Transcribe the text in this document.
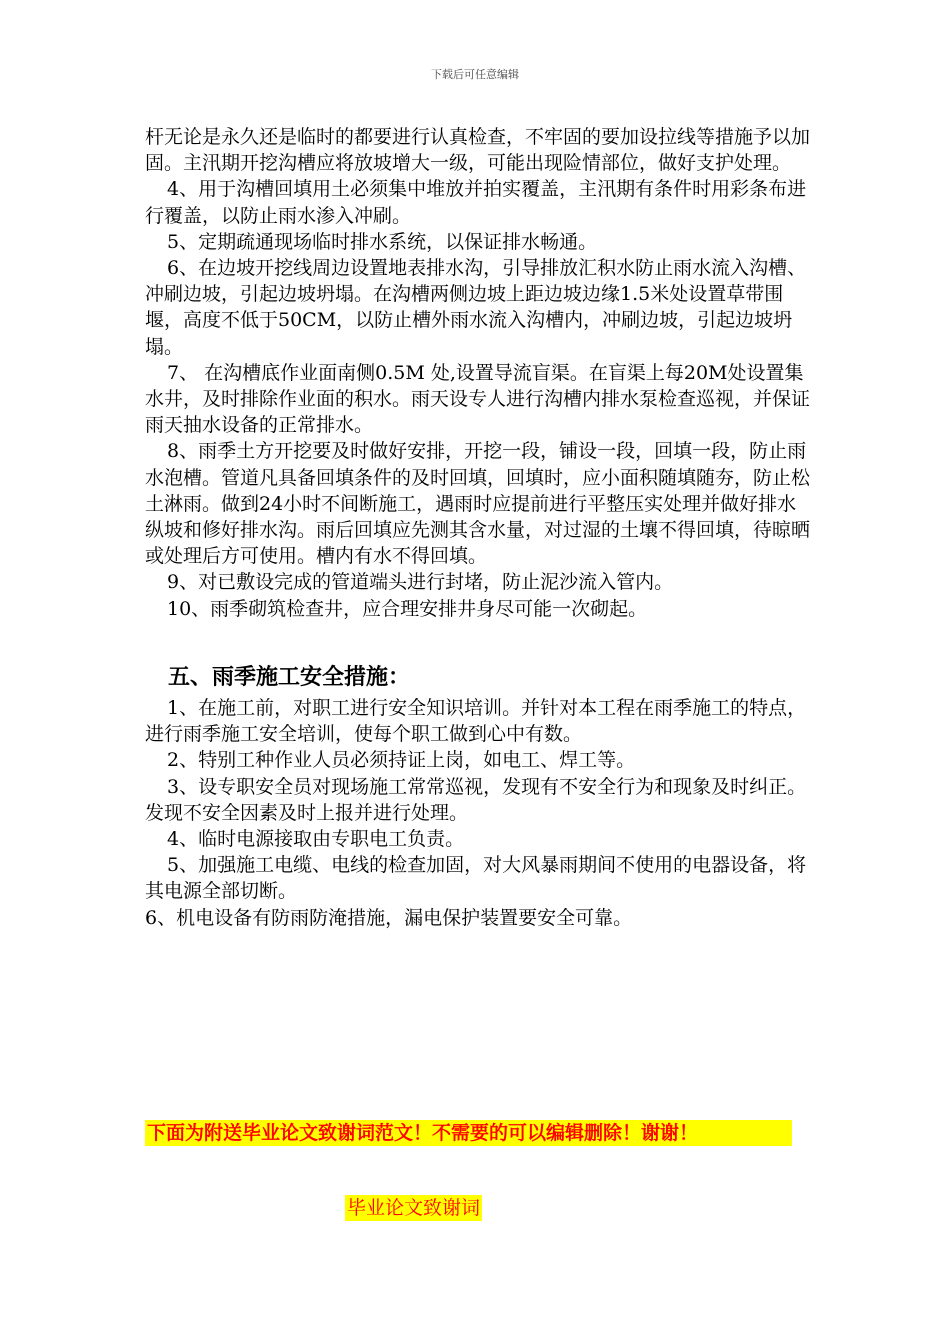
下载后可任意编辑

杆无论是永久还是临时的都要进行认真检查，不牢固的要加设拉线等措施予以加固。主汛期开挖沟槽应将放坡增大一级，可能出现险情部位，做好支护处理。

4、用于沟槽回填用土必须集中堆放并拍实覆盖，主汛期有条件时用彩条布进行覆盖，以防止雨水渗入冲刷。

5、定期疏通现场临时排水系统，以保证排水畅通。

6、在边坡开挖线周边设置地表排水沟，引导排放汇积水防止雨水流入沟槽、冲刷边坡，引起边坡坍塌。在沟槽两侧边坡上距边坡边缘1.5米处设置草带围堰，高度不低于50CM，以防止槽外雨水流入沟槽内，冲刷边坡，引起边坡坍塌。

7、 在沟槽底作业面南侧0.5M 处,设置导流盲渠。在盲渠上每20M处设置集水井，及时排除作业面的积水。雨天设专人进行沟槽内排水泵检查巡视，并保证雨天抽水设备的正常排水。

8、雨季土方开挖要及时做好安排，开挖一段，铺设一段，回填一段，防止雨水泡槽。管道凡具备回填条件的及时回填，回填时，应小面积随填随夯，防止松土淋雨。做到24小时不间断施工，遇雨时应提前进行平整压实处理并做好排水纵坡和修好排水沟。雨后回填应先测其含水量，对过湿的土壤不得回填，待晾晒或处理后方可使用。槽内有水不得回填。

9、对已敷设完成的管道端头进行封堵，防止泥沙流入管内。

10、雨季砌筑检查井，应合理安排井身尽可能一次砌起。

五、雨季施工安全措施：

1、在施工前，对职工进行安全知识培训。并针对本工程在雨季施工的特点，进行雨季施工安全培训，使每个职工做到心中有数。

2、特别工种作业人员必须持证上岗，如电工、焊工等。

3、设专职安全员对现场施工常常巡视，发现有不安全行为和现象及时纠正。发现不安全因素及时上报并进行处理。

4、临时电源接取由专职电工负责。

5、加强施工电缆、电线的检查加固，对大风暴雨期间不使用的电器设备，将其电源全部切断。

6、机电设备有防雨防淹措施，漏电保护装置要安全可靠。

下面为附送毕业论文致谢词范文！不需要的可以编辑删除！谢谢！
毕业论文致谢词
